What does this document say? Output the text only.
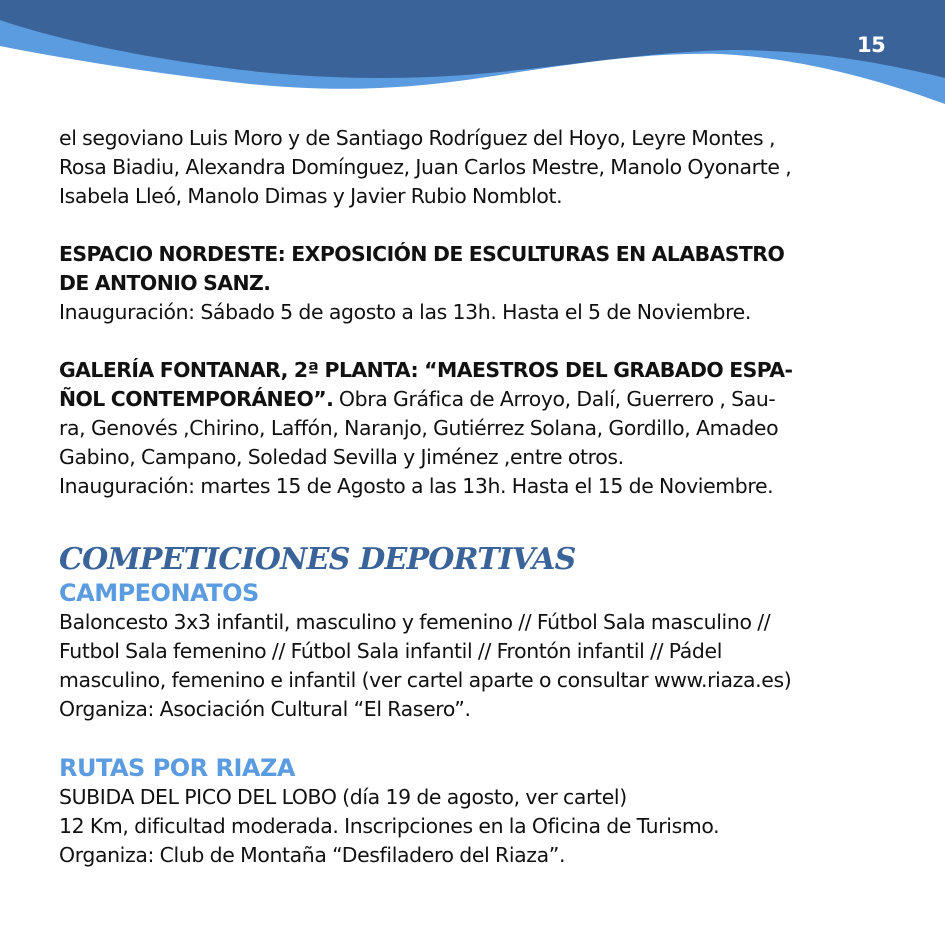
15

el segoviano Luis Moro y de Santiago Rodríguez del Hoyo, Leyre Montes ,

Rosa Biadiu, Alexandra Domínguez, Juan Carlos Mestre, Manolo Oyonarte ,

Isabela Lleó, Manolo Dimas y Javier Rubio Nomblot.

ESPACIO NORDESTE: EXPOSICIÓN DE ESCULTURAS EN ALABASTRO

DE ANTONIO SANZ.

Inauguración: Sábado 5 de agosto a las 13h. Hasta el 5 de Noviembre.

GALERÍA FONTANAR, 2ª PLANTA: “MAESTROS DEL GRABADO ESPA-

ÑOL CONTEMPORÁNEO”. Obra Gráfica de Arroyo, Dalí, Guerrero , Sau-

ra, Genovés ,Chirino, Laffón, Naranjo, Gutiérrez Solana, Gordillo, Amadeo

Gabino, Campano, Soledad Sevilla y Jiménez ,entre otros.

Inauguración: martes 15 de Agosto a las 13h. Hasta el 15 de Noviembre.

COMPETICIONES DEPORTIVAS
CAMPEONATOS

Baloncesto 3x3 infantil, masculino y femenino // Fútbol Sala masculino //

Futbol Sala femenino // Fútbol Sala infantil // Frontón infantil // Pádel

masculino, femenino e infantil (ver cartel aparte o consultar www.riaza.es)

Organiza: Asociación Cultural “El Rasero”.

RUTAS POR RIAZA

SUBIDA DEL PICO DEL LOBO (día 19 de agosto, ver cartel)

12 Km, dificultad moderada. Inscripciones en la Oficina de Turismo.

Organiza: Club de Montaña “Desfiladero del Riaza”.
